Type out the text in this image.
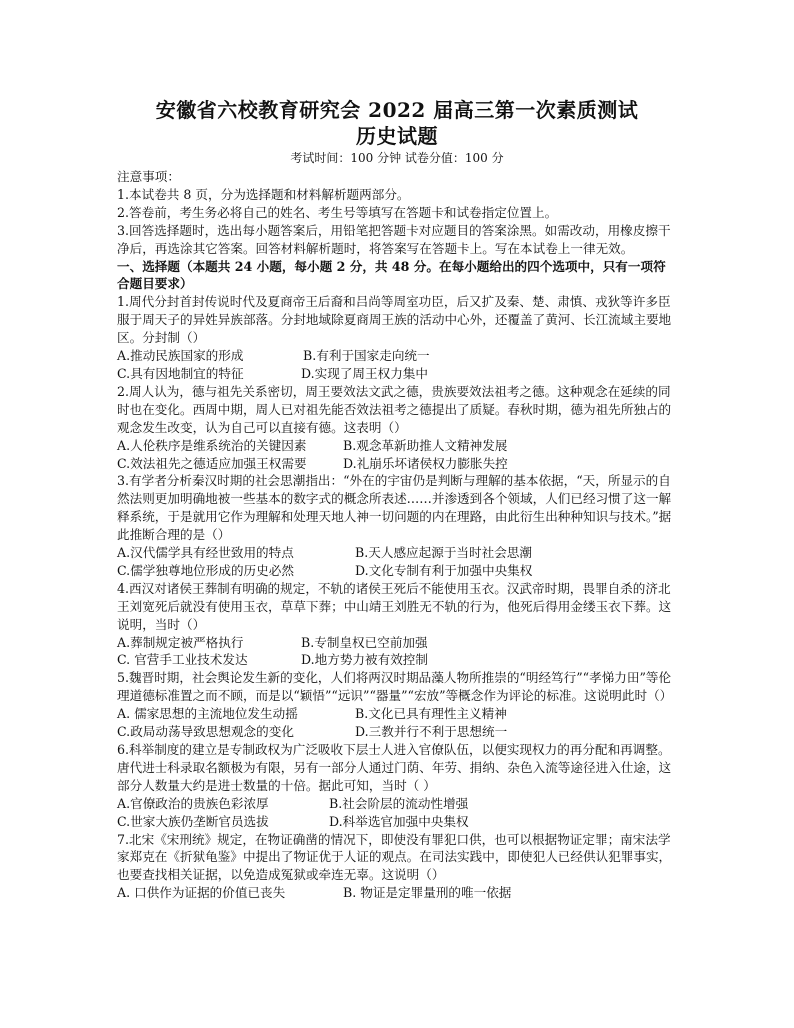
安徽省六校教育研究会 2022 届高三第一次素质测试
历史试题
考试时间：100 分钟 试卷分值：100 分

注意事项：

1.本试卷共 8 页，分为选择题和材料解析题两部分。

2.答卷前，考生务必将自己的姓名、考生号等填写在答题卡和试卷指定位置上。

3.回答选择题时，选出每小题答案后，用铅笔把答题卡对应题目的答案涂黑。如需改动，用橡皮擦干净后，再选涂其它答案。回答材料解析题时，将答案写在答题卡上。写在本试卷上一律无效。

一、选择题（本题共 24 小题，每小题 2 分，共 48 分。在每小题给出的四个选项中，只有一项符合题目要求）

1.周代分封首封传说时代及夏商帝王后裔和吕尚等周室功臣，后又扩及秦、楚、肃慎、戎狄等许多臣服于周天子的异姓异族部落。分封地域除夏商周王族的活动中心外，还覆盖了黄河、长江流域主要地区。分封制（）

A.推动民族国家的形成	B.有利于国家走向统一
C.具有因地制宜的特征	D.实现了周王权力集中

2.周人认为，德与祖先关系密切，周王要效法文武之德，贵族要效法祖考之德。这种观念在延续的同时也在变化。西周中期，周人已对祖先能否效法祖考之德提出了质疑。春秋时期，德为祖先所独占的观念发生改变，认为自己可以直接有德。这表明（）

A.人伦秩序是维系统治的关键因素	B.观念革新助推人文精神发展
C.效法祖先之德适应加强王权需要	D.礼崩乐坏诸侯权力膨胀失控

3.有学者分析秦汉时期的社会思潮指出：“外在的宇宙仍是判断与理解的基本依据，“天，所显示的自然法则更加明确地被一些基本的数字式的概念所表述……并渗透到各个领域，人们已经习惯了这一解释系统，于是就用它作为理解和处理天地人神一切问题的内在理路，由此衍生出种种知识与技术。”据此推断合理的是（）

A.汉代儒学具有经世致用的特点	B.天人感应起源于当时社会思潮
C.儒学独尊地位形成的历史必然	D.文化专制有利于加强中央集权

4.西汉对诸侯王葬制有明确的规定，不轨的诸侯王死后不能使用玉衣。汉武帝时期，畏罪自杀的济北王刘宽死后就没有使用玉衣，草草下葬；中山靖王刘胜无不轨的行为，他死后得用金缕玉衣下葬。这说明，当时（）

A.葬制规定被严格执行	B.专制皇权已空前加强
C. 官营手工业技术发达	D.地方势力被有效控制

5.魏晋时期，社会舆论发生新的变化，人们将两汉时期品藻人物所推崇的“明经笃行”“孝悌力田”等伦理道德标准置之而不顾，而是以“颖悟”“远识”“器量”“宏放”等概念作为评论的标准。这说明此时（）

A. 儒家思想的主流地位发生动摇	B.文化已具有理性主义精神
C.政局动荡导致思想观念的变化	D.三教并行不利于思想统一

6.科举制度的建立是专制政权为广泛吸收下层士人进入官僚队伍，以便实现权力的再分配和再调整。唐代进士科录取名额极为有限，另有一部分人通过门荫、年劳、捐纳、杂色入流等途径进入仕途，这部分人数量大约是进士数量的十倍。据此可知，当时（ ）

A.官僚政治的贵族色彩浓厚	B.社会阶层的流动性增强
C.世家大族仍垄断官员选拔	D.科举选官加强中央集权

7.北宋《宋刑统》规定，在物证确凿的情况下，即使没有罪犯口供，也可以根据物证定罪；南宋法学家郑克在《折狱龟鉴》中提出了物证优于人证的观点。在司法实践中，即使犯人已经供认犯罪事实，也要查找相关证据，以免造成冤狱或牵连无辜。这说明（）

A. 口供作为证据的价值已丧失	B. 物证是定罪量刑的唯一依据
